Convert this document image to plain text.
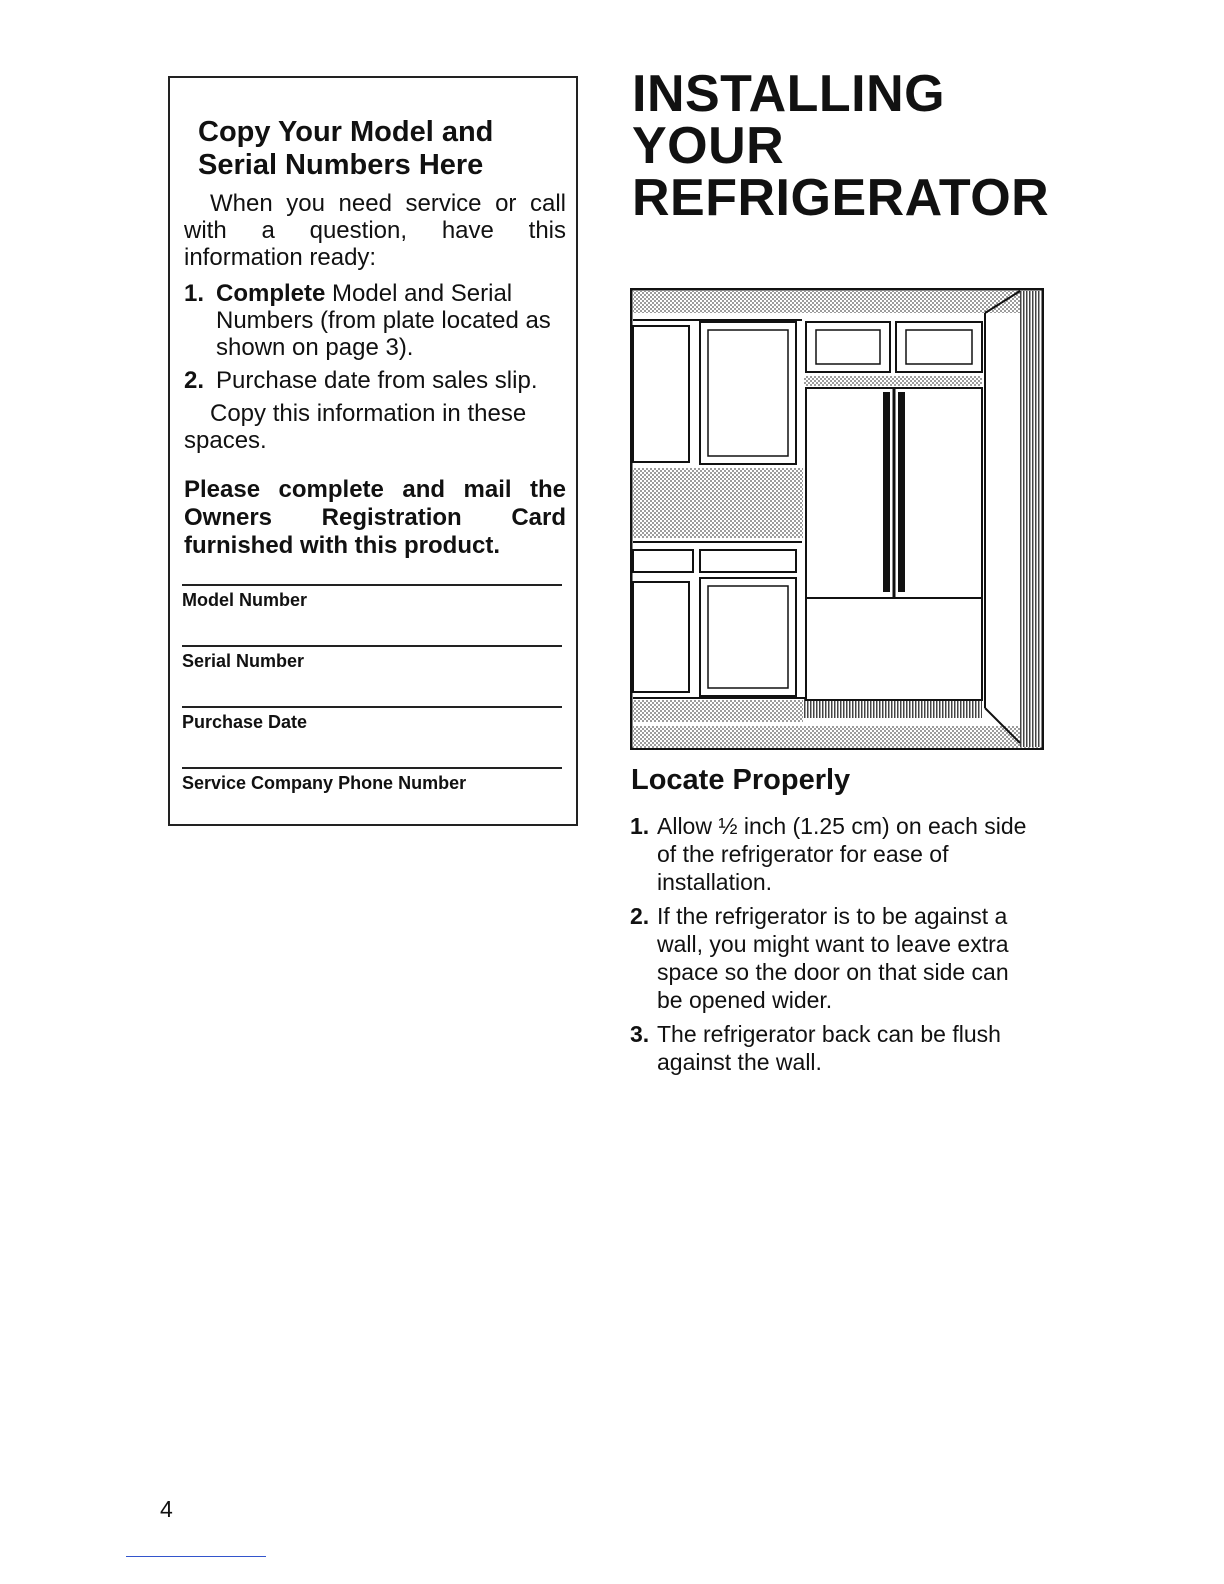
Copy Your Model and
Serial Numbers Here

When you need service or call with a question, have this information ready:

1. Complete Model and Serial Numbers (from plate located as shown on page 3).
2. Purchase date from sales slip.

Copy this information in these spaces.

Please complete and mail the Owners Registration Card furnished with this product.

Model Number
Serial Number
Purchase Date
Service Company Phone Number
INSTALLING
YOUR
REFRIGERATOR
Locate Properly
1. Allow ½ inch (1.25 cm) on each side of the refrigerator for ease of installation.
2. If the refrigerator is to be against a wall, you might want to leave extra space so the door on that side can be opened wider.
3. The refrigerator back can be flush against the wall.
4
